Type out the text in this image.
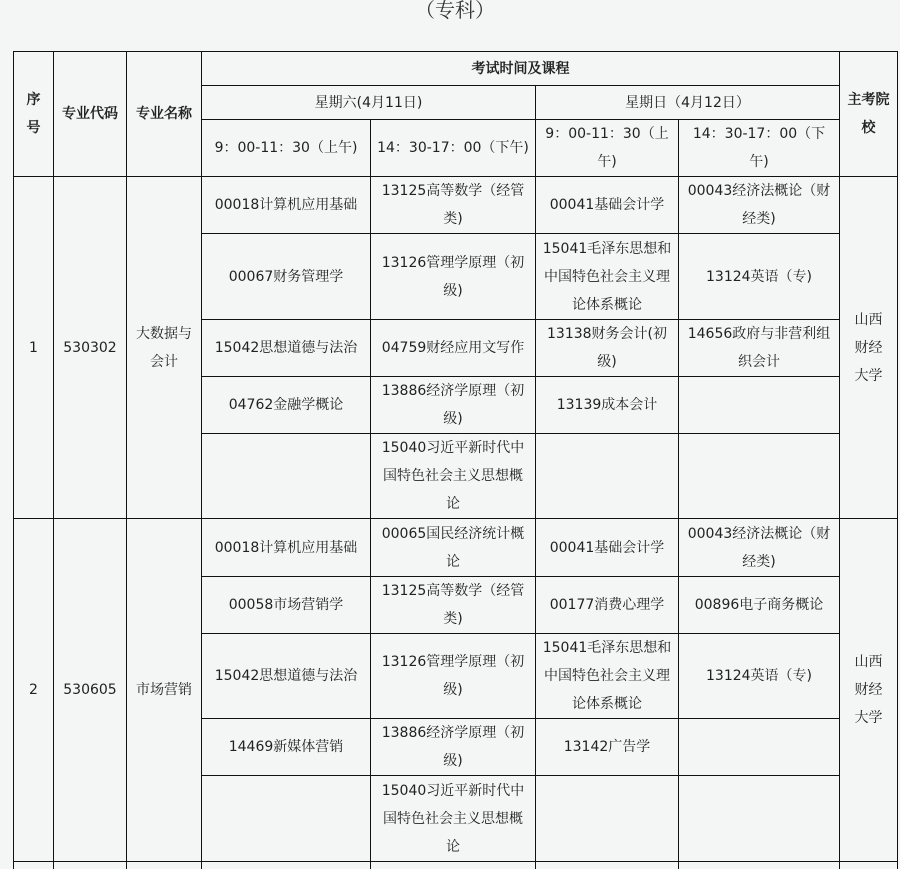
（专科）
序号	专业代码	专业名称	考试时间及课程				主考院校
			星期六(4月11日)		星期日（4月12日）		
			9：00-11：30（上午)	14：30-17：00（下午)	9：00-11：30（上午)	14：30-17：00（下午)	
1	530302	大数据与会计	00018计算机应用基础	13125高等数学（经管类)	00041基础会计学	00043经济法概论（财经类)	山西财经大学
			00067财务管理学	13126管理学原理（初级)	15041毛泽东思想和中国特色社会主义理论体系概论	13124英语（专)	
			15042思想道德与法治	04759财经应用文写作	13138财务会计(初级)	14656政府与非营利组织会计	
			04762金融学概论	13886经济学原理（初级)	13139成本会计		
				15040习近平新时代中国特色社会主义思想概论			
2	530605	市场营销	00018计算机应用基础	00065国民经济统计概论	00041基础会计学	00043经济法概论（财经类)	山西财经大学
			00058市场营销学	13125高等数学（经管类)	00177消费心理学	00896电子商务概论	
			15042思想道德与法治	13126管理学原理（初级)	15041毛泽东思想和中国特色社会主义理论体系概论	13124英语（专)	
			14469新媒体营销	13886经济学原理（初级)	13142广告学		
				15040习近平新时代中国特色社会主义思想概论			
